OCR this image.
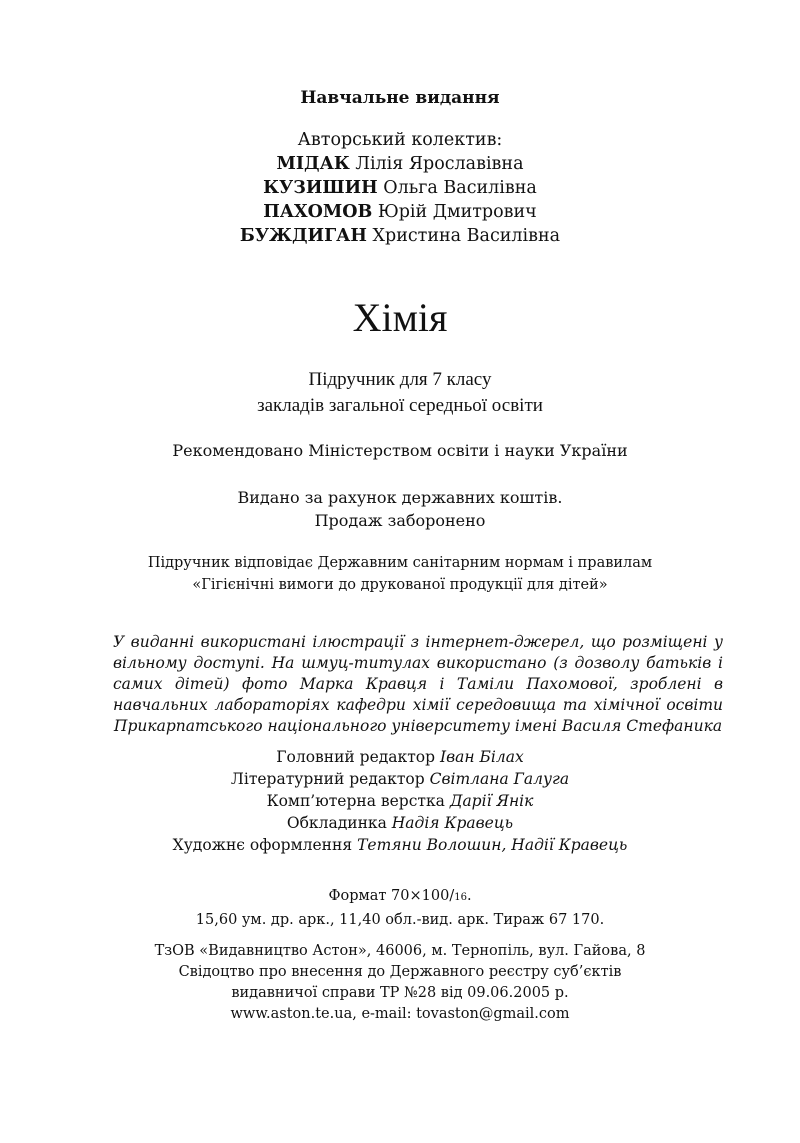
Навчальне видання
Авторський колектив:
МІДАК Лілія Ярославівна
КУЗИШИН Ольга Василівна
ПАХОМОВ Юрій Дмитрович
БУЖДИГАН Христина Василівна
Хімія
Підручник для 7 класу
закладів загальної середньої освіти
Рекомендовано Міністерством освіти і науки України
Видано за рахунок державних коштів.
Продаж заборонено
Підручник відповідає Державним санітарним нормам і правилам
«Гігієнічні вимоги до друкованої продукції для дітей»
У виданні використані ілюстрації з інтернет-джерел, що розміщені у вільному доступі. На шмуц-титулах використано (з дозволу батьків і самих дітей) фото Марка Кравця і Таміли Пахомової, зроблені в навчальних лабораторіях кафедри хімії середовища та хімічної освіти Прикарпатського національного університету імені Василя Стефаника
Головний редактор Іван Білах
Літературний редактор Світлана Галуга
Комп’ютерна верстка Дарії Янік
Обкладинка Надія Кравець
Художнє оформлення Тетяни Волошин, Надії Кравець
Формат 70×100/16.
15,60 ум. др. арк., 11,40 обл.-вид. арк. Тираж 67 170.
ТзОВ «Видавництво Астон», 46006, м. Тернопіль, вул. Гайова, 8
Свідоцтво про внесення до Державного реєстру суб’єктів
видавничої справи ТР №28 від 09.06.2005 р.
www.aston.te.ua, e-mail: tovaston@gmail.com
